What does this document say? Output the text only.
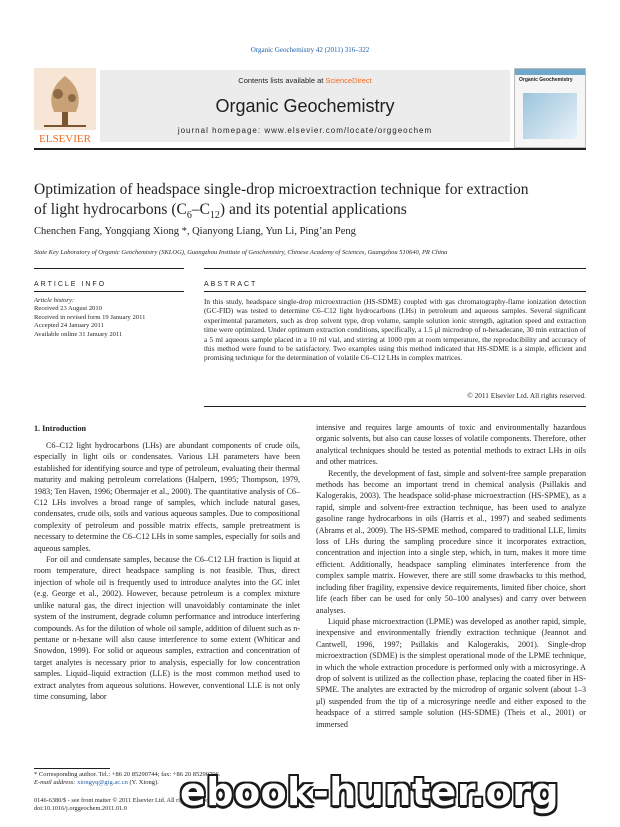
Organic Geochemistry 42 (2011) 316–322
ELSEVIER
Contents lists available at ScienceDirect
Organic Geochemistry
journal homepage: www.elsevier.com/locate/orggeochem
Organic Geochemistry
Optimization of headspace single-drop microextraction technique for extraction
of light hydrocarbons $(C_6-C_{12})$ and its potential applications
Chenchen Fang, Yongqiang Xiong *, Qianyong Liang, Yun Li, Ping’an Peng
State Key Laboratory of Organic Geochemistry (SKLOG), Guangzhou Institute of Geochemistry, Chinese Academy of Sciences, Guangzhou 510640, PR China
ARTICLE INFO	ABSTRACT
Article history:
Received 23 August 2010
Received in revised form 19 January 2011
Accepted 24 January 2011
Available online 31 January 2011
In this study, headspace single-drop microextraction (HS-SDME) coupled with gas chromatography-flame ionization detection (GC-FID) was tested to determine C6–C12 light hydrocarbons (LHs) in petroleum and aqueous samples. Several significant experimental parameters, such as drop solvent type, drop volume, sample solution ionic strength, agitation speed and extraction time were optimized. Under optimum extraction conditions, specifically, a 1.5 μl microdrop of n-hexadecane, 30 min extraction of a 5 ml aqueous sample placed in a 10 ml vial, and stirring at 1000 rpm at room temperature, the reproducibility and accuracy of this method were found to be satisfactory. Two examples using this method indicated that HS-SDME is a simple, efficient and promising technique for the determination of volatile C6–C12 LHs in complex matrices.
© 2011 Elsevier Ltd. All rights reserved.
1. Introduction

C6–C12 light hydrocarbons (LHs) are abundant components of crude oils, especially in light oils or condensates. Various LH parameters have been established for identifying source and type of petroleum, evaluating their thermal maturity and making petroleum correlations (Halpern, 1995; Thompson, 1979, 1983; Ten Haven, 1996; Obermajer et al., 2000). The quantitative analysis of C6–C12 LHs involves a broad range of samples, which include natural gases, condensates, crude oils, soils and various aqueous samples. Due to compositional complexity of petroleum and possible matrix effects, sample pretreatment is necessary to determine the C6–C12 LHs in some samples, especially for soils and aqueous samples.

For oil and condensate samples, because the C6–C12 LH fraction is liquid at room temperature, direct headspace sampling is not feasible. Thus, direct injection of whole oil is frequently used to introduce analytes into the GC inlet (e.g. George et al., 2002). However, because petroleum is a complex mixture unlike natural gas, the direct injection will unavoidably contaminate the inlet system of the instrument, degrade column performance and introduce interfering compounds. As for the dilution of whole oil sample, addition of diluent such as n-pentane or n-hexane will also cause interference to some extent (Whiticar and Snowdon, 1999). For solid or aqueous samples, extraction and concentration of target analytes is necessary prior to analysis, especially for low concentration samples. Liquid–liquid extraction (LLE) is the most common method used to extract analytes from aqueous solutions. However, conventional LLE is not only time consuming, labor

intensive and requires large amounts of toxic and environmentally hazardous organic solvents, but also can cause losses of volatile components. Therefore, other analytical techniques should be tested as potential methods to extract LHs in oils and other matrices.

Recently, the development of fast, simple and solvent-free sample preparation methods has become an important trend in chemical analysis (Psillakis and Kalogerakis, 2003). The headspace solid-phase microextraction (HS-SPME), as a rapid, simple and solvent-free extraction technique, has been used to analyze gasoline range hydrocarbons in oils (Harris et al., 1997) and seabed sediments (Abrams et al., 2009). The HS-SPME method, compared to traditional LLE, limits loss of LHs during the sampling procedure since it incorporates extraction, concentration and injection into a single step, which, in turn, makes it more time efficient. Additionally, headspace sampling eliminates interference from the complex sample matrix. However, there are still some drawbacks to this method, including fiber fragility, expensive device requirements, limited fiber choice, short life (each fiber can be used for only 50–100 analyses) and carry over between analyses.

Liquid phase microextraction (LPME) was developed as another rapid, simple, inexpensive and environmentally friendly extraction technique (Jeannot and Cantwell, 1996, 1997; Psillakis and Kalogerakis, 2001). Single-drop microextraction (SDME) is the simplest operational mode of the LPME technique, in which the whole extraction procedure is performed only with a microsyringe. A drop of solvent is utilized as the collection phase, replacing the coated fiber in HS-SPME. The analytes are extracted by the microdrop of organic solvent (about 1–3 μl) suspended from the tip of a microsyringe needle and either exposed to the headspace of a stirred sample solution (HS-SDME) (Theis et al., 2001) or immersed

* Corresponding author. Tel.: +86 20 85290744; fax: +86 20 85290706.
E-mail address: xiongyq@gig.ac.cn (Y. Xiong).
0146-6380/$ - see front matter © 2011 Elsevier Ltd. All rights reserved.
doi:10.1016/j.orggeochem.2011.01.0	ebook-hunter.org
